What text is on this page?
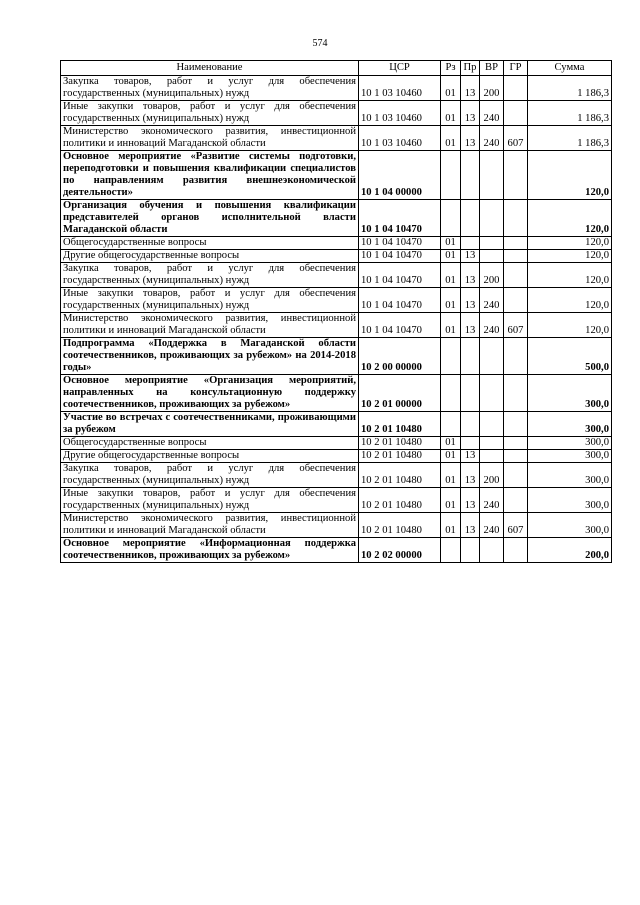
574
Наименование	ЦСР	Рз	Пр	ВР	ГР	Сумма
Закупка товаров, работ и услуг для обеспечения государственных (муниципальных) нужд	10 1 03 10460	01	13	200		1 186,3
Иные закупки товаров, работ и услуг для обеспечения государственных (муниципальных) нужд	10 1 03 10460	01	13	240		1 186,3
Министерство экономического развития, инвестиционной политики и инноваций Магаданской области	10 1 03 10460	01	13	240	607	1 186,3
Основное мероприятие «Развитие системы подготовки, переподготовки и повышения квалификации специалистов по направлениям развития внешнеэкономической деятельности»	10 1 04 00000					120,0
Организация обучения и повышения квалификации представителей органов исполнительной власти Магаданской области	10 1 04 10470					120,0
Общегосударственные вопросы	10 1 04 10470	01				120,0
Другие общегосударственные вопросы	10 1 04 10470	01	13			120,0
Закупка товаров, работ и услуг для обеспечения государственных (муниципальных) нужд	10 1 04 10470	01	13	200		120,0
Иные закупки товаров, работ и услуг для обеспечения государственных (муниципальных) нужд	10 1 04 10470	01	13	240		120,0
Министерство экономического развития, инвестиционной политики и инноваций Магаданской области	10 1 04 10470	01	13	240	607	120,0
Подпрограмма «Поддержка в Магаданской области соотечественников, проживающих за рубежом» на 2014-2018 годы»	10 2 00 00000					500,0
Основное мероприятие «Организация мероприятий, направленных на консультационную поддержку соотечественников, проживающих за рубежом»	10 2 01 00000					300,0
Участие во встречах с соотечественниками, проживающими за рубежом	10 2 01 10480					300,0
Общегосударственные вопросы	10 2 01 10480	01				300,0
Другие общегосударственные вопросы	10 2 01 10480	01	13			300,0
Закупка товаров, работ и услуг для обеспечения государственных (муниципальных) нужд	10 2 01 10480	01	13	200		300,0
Иные закупки товаров, работ и услуг для обеспечения государственных (муниципальных) нужд	10 2 01 10480	01	13	240		300,0
Министерство экономического развития, инвестиционной политики и инноваций Магаданской области	10 2 01 10480	01	13	240	607	300,0
Основное мероприятие «Информационная поддержка соотечественников, проживающих за рубежом»	10 2 02 00000					200,0
